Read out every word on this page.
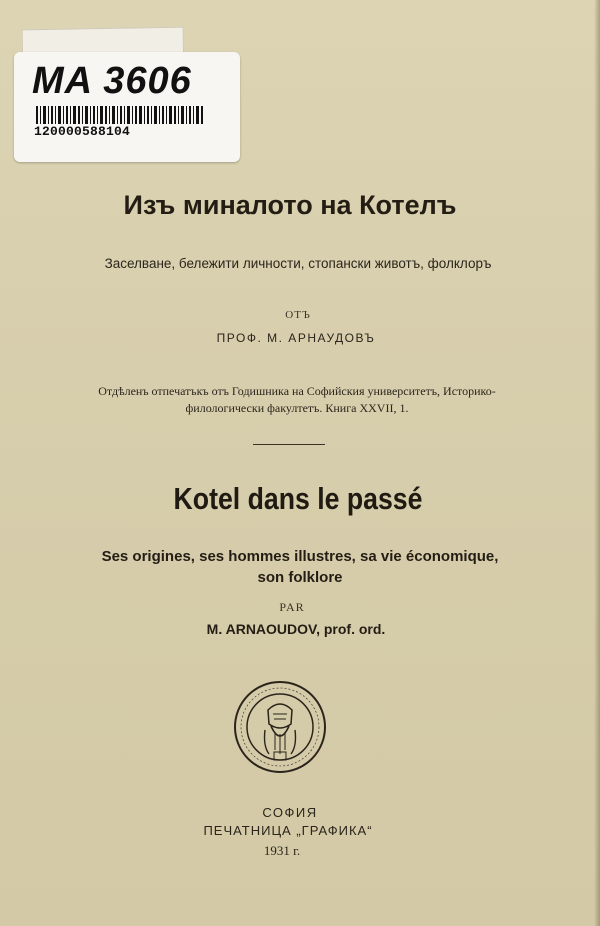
MA 3606
120000588104
Изъ миналото на Котелъ
Заселване, бележити личности, стопански животъ, фолклоръ
ОТЪ
ПРОФ. М. АРНАУДОВЪ
Отдѣленъ отпечатъкъ отъ Годишника на Софийския университетъ, Историко-
филологически факултетъ. Книга XXVII, 1.
Kotel dans le passé
Ses origines, ses hommes illustres, sa vie économique,
son folklore
PAR
M. ARNAOUDOV, prof. ord.
СОФИЯ
ПЕЧАТНИЦА „ГРАФИКА“
1931 г.
